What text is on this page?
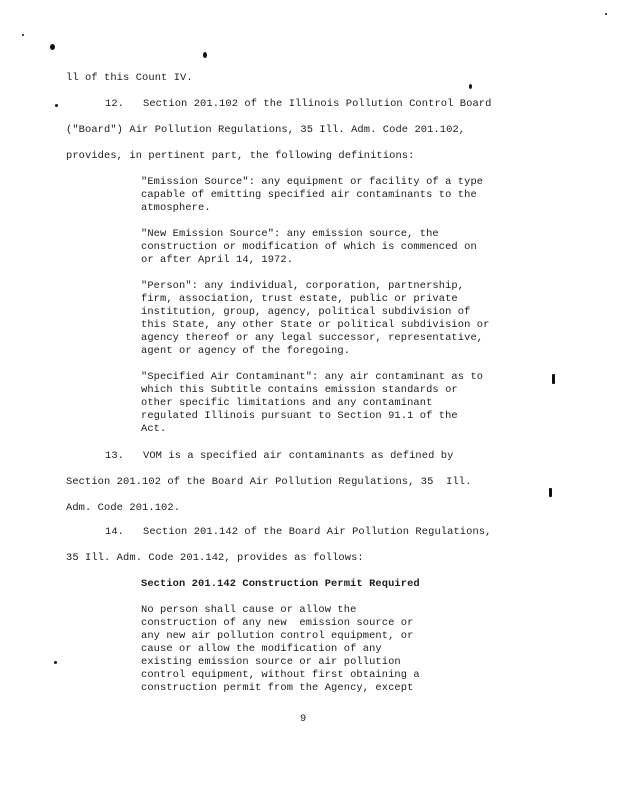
ll of this Count IV.
12.   Section 201.102 of the Illinois Pollution Control Board
("Board") Air Pollution Regulations, 35 Ill. Adm. Code 201.102,
provides, in pertinent part, the following definitions:
"Emission Source": any equipment or facility of a type
capable of emitting specified air contaminants to the
atmosphere.
"New Emission Source": any emission source, the
construction or modification of which is commenced on
or after April 14, 1972.
"Person": any individual, corporation, partnership,
firm, association, trust estate, public or private
institution, group, agency, political subdivision of
this State, any other State or political subdivision or
agency thereof or any legal successor, representative,
agent or agency of the foregoing.
"Specified Air Contaminant": any air contaminant as to
which this Subtitle contains emission standards or
other specific limitations and any contaminant
regulated Illinois pursuant to Section 91.1 of the
Act.
13.   VOM is a specified air contaminants as defined by
Section 201.102 of the Board Air Pollution Regulations, 35  Ill.
Adm. Code 201.102.
14.   Section 201.142 of the Board Air Pollution Regulations,
35 Ill. Adm. Code 201.142, provides as follows:
Section 201.142 Construction Permit Required
No person shall cause or allow the
construction of any new  emission source or
any new air pollution control equipment, or
cause or allow the modification of any
existing emission source or air pollution
control equipment, without first obtaining a
construction permit from the Agency, except
9
